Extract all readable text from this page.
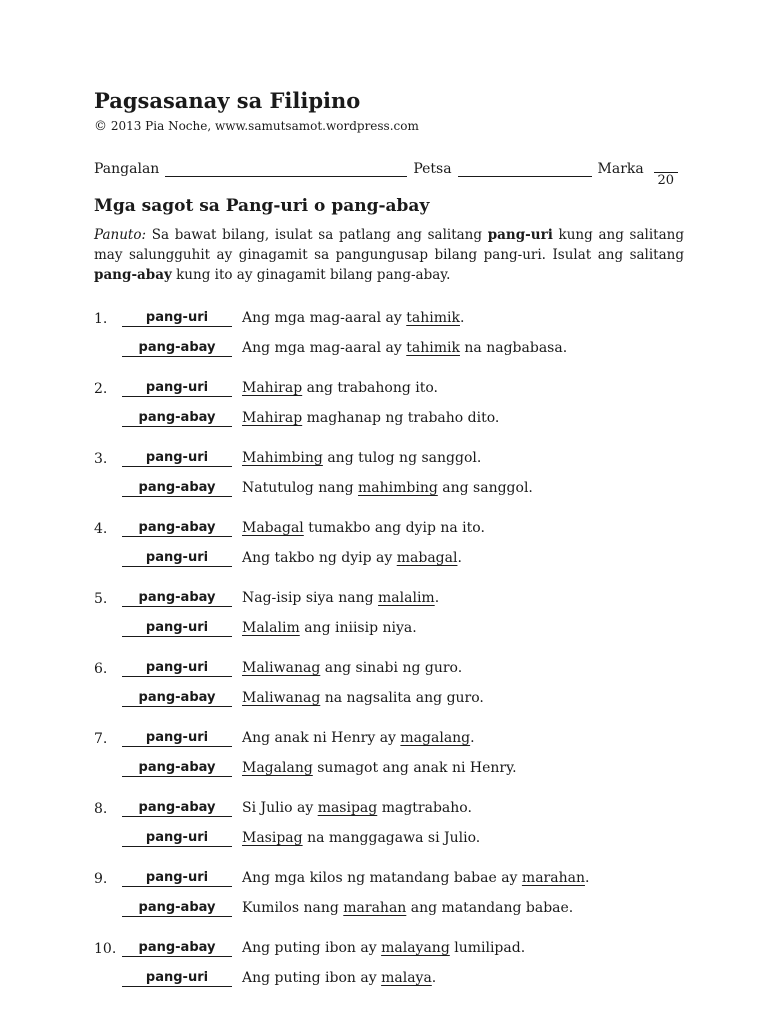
Pagsasanay sa Filipino
© 2013 Pia Noche, www.samutsamot.wordpress.com
Pangalan	Petsa	Marka
20
Mga sagot sa Pang-uri o pang-abay
Panuto: Sa bawat bilang, isulat sa patlang ang salitang pang-uri kung ang salitang may salungguhit ay ginagamit sa pangungusap bilang pang-uri. Isulat ang salitang pang-abay kung ito ay ginagamit bilang pang-abay.
1.	pang-uri	Ang mga mag-aaral ay tahimik.
pang-abay	Ang mga mag-aaral ay tahimik na nagbabasa.
2.	pang-uri	Mahirap ang trabahong ito.
pang-abay	Mahirap maghanap ng trabaho dito.
3.	pang-uri	Mahimbing ang tulog ng sanggol.
pang-abay	Natutulog nang mahimbing ang sanggol.
4.	pang-abay	Mabagal tumakbo ang dyip na ito.
pang-uri	Ang takbo ng dyip ay mabagal.
5.	pang-abay	Nag-isip siya nang malalim.
pang-uri	Malalim ang iniisip niya.
6.	pang-uri	Maliwanag ang sinabi ng guro.
pang-abay	Maliwanag na nagsalita ang guro.
7.	pang-uri	Ang anak ni Henry ay magalang.
pang-abay	Magalang sumagot ang anak ni Henry.
8.	pang-abay	Si Julio ay masipag magtrabaho.
pang-uri	Masipag na manggagawa si Julio.
9.	pang-uri	Ang mga kilos ng matandang babae ay marahan.
pang-abay	Kumilos nang marahan ang matandang babae.
10.	pang-abay	Ang puting ibon ay malayang lumilipad.
pang-uri	Ang puting ibon ay malaya.
